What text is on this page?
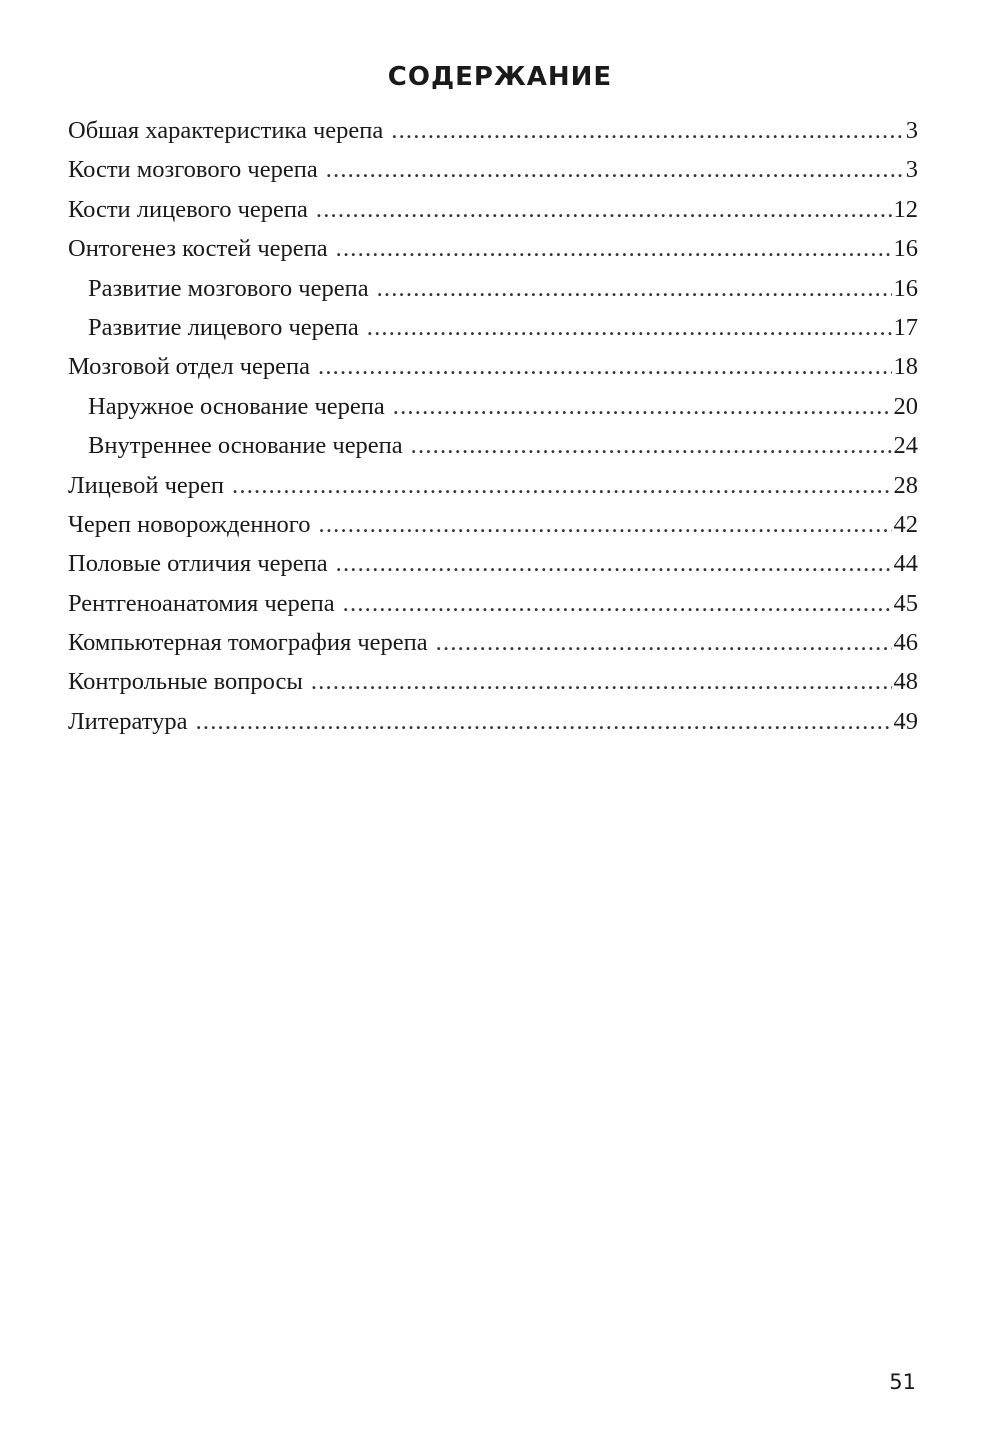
СОДЕРЖАНИЕ
Обшая характеристика черепа .....	3
Кости мозгового черепа .....	3
Кости лицевого черепа .....	12
Онтогенез костей черепа .....	16
Развитие мозгового черепа .....	16
Развитие лицевого черепа .....	17
Мозговой отдел черепа .....	18
Наружное основание черепа .....	20
Внутреннее основание черепа .....	24
Лицевой череп .....	28
Череп новорожденного .....	42
Половые отличия черепа .....	44
Рентгеноанатомия черепа .....	45
Компьютерная томография черепа .....	46
Контрольные вопросы .....	48
Литература .....	49

51
